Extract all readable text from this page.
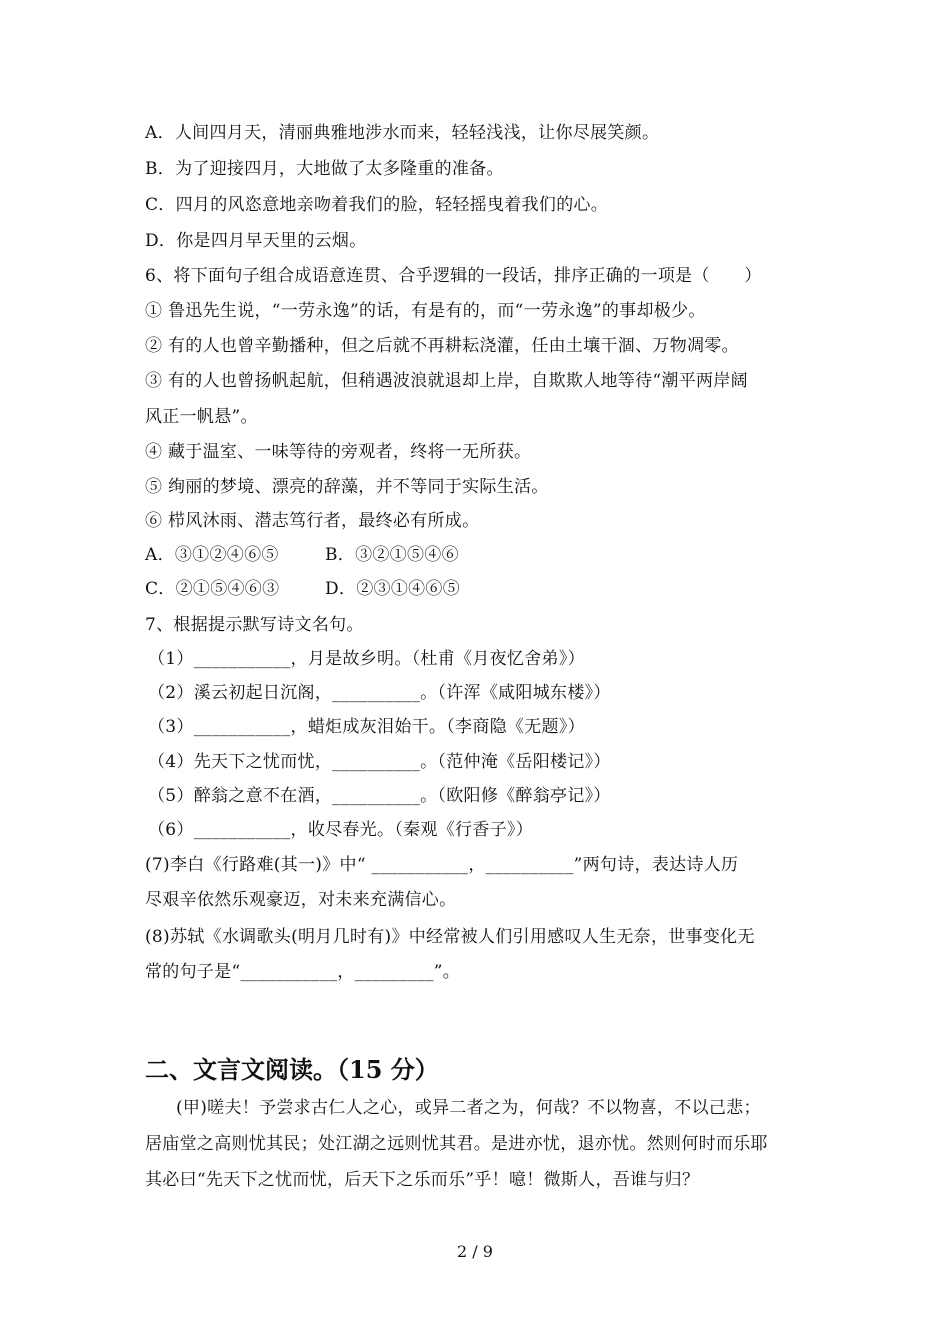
A．人间四月天，清丽典雅地涉水而来，轻轻浅浅，让你尽展笑颜。
B．为了迎接四月，大地做了太多隆重的准备。
C．四月的风恣意地亲吻着我们的脸，轻轻摇曳着我们的心。
D．你是四月早天里的云烟。
6、将下面句子组合成语意连贯、合乎逻辑的一段话，排序正确的一项是（　　）
① 鲁迅先生说，“一劳永逸”的话，有是有的，而“一劳永逸”的事却极少。
② 有的人也曾辛勤播种，但之后就不再耕耘浇灌，任由土壤干涸、万物凋零。
③ 有的人也曾扬帆起航，但稍遇波浪就退却上岸，自欺欺人地等待“潮平两岸阔
风正一帆悬”。
④ 藏于温室、一味等待的旁观者，终将一无所获。
⑤ 绚丽的梦境、漂亮的辞藻，并不等同于实际生活。
⑥ 栉风沐雨、潜志笃行者，最终必有所成。
A．③①②④⑥⑤	B．③②①⑤④⑥
C．②①⑤④⑥③	D．②③①④⑥⑤
7、根据提示默写诗文名句。
（1）___________，月是故乡明。（杜甫《月夜忆舍弟》）
（2）溪云初起日沉阁，__________。（许浑《咸阳城东楼》）
（3）___________，蜡炬成灰泪始干。（李商隐《无题》）
（4）先天下之忧而忧，__________。（范仲淹《岳阳楼记》）
（5）醉翁之意不在酒，__________。（欧阳修《醉翁亭记》）
（6）___________，收尽春光。（秦观《行香子》）
(7)李白《行路难(其一)》中“ ___________，__________”两句诗，表达诗人历
尽艰辛依然乐观豪迈，对未来充满信心。
(8)苏轼《水调歌头(明月几时有)》中经常被人们引用感叹人生无奈，世事变化无
常的句子是“___________，_________”。
二、文言文阅读。（15 分）
(甲)嗟夫！予尝求古仁人之心，或异二者之为，何哉？不以物喜，不以己悲；
居庙堂之高则忧其民；处江湖之远则忧其君。是进亦忧，退亦忧。然则何时而乐耶
其必曰“先天下之忧而忧，后天下之乐而乐”乎！噫！微斯人，吾谁与归？
2 / 9
